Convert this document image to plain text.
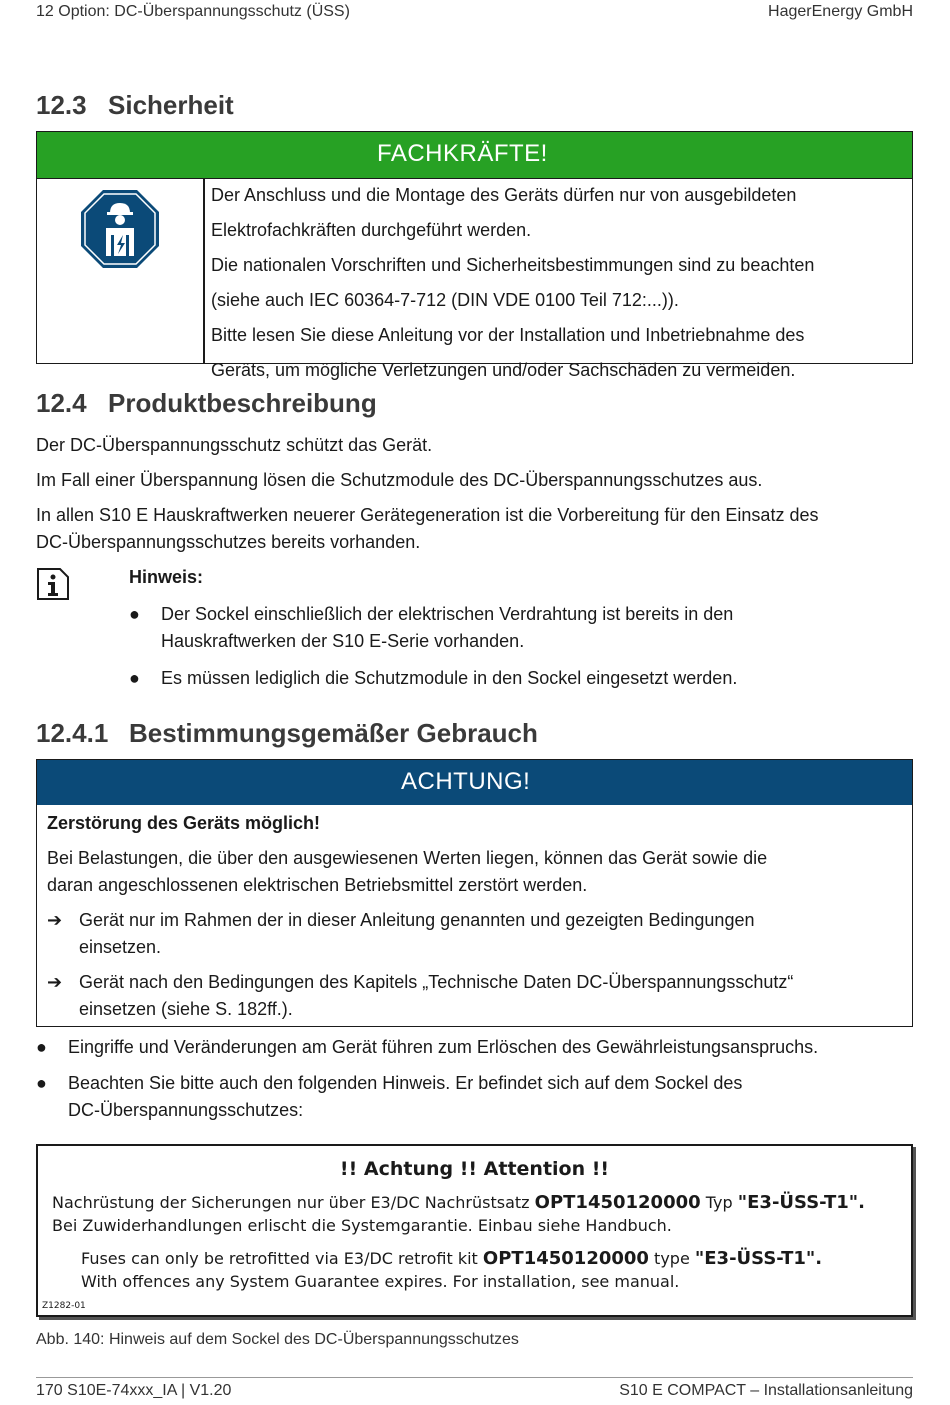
12 Option: DC-Überspannungsschutz (ÜSS)	HagerEnergy GmbH
12.3 Sicherheit
FACHKRÄFTE!
Der Anschluss und die Montage des Geräts dürfen nur von ausgebildeten
Elektrofachkräften durchgeführt werden.
Die nationalen Vorschriften und Sicherheitsbestimmungen sind zu beachten
(siehe auch IEC 60364-7-712 (DIN VDE 0100 Teil 712:...)).
Bitte lesen Sie diese Anleitung vor der Installation und Inbetriebnahme des
Geräts, um mögliche Verletzungen und/oder Sachschäden zu vermeiden.
12.4 Produktbeschreibung
Der DC-Überspannungsschutz schützt das Gerät.
Im Fall einer Überspannung lösen die Schutzmodule des DC-Überspannungsschutzes aus.
In allen S10 E Hauskraftwerken neuerer Gerätegeneration ist die Vorbereitung für den Einsatz des
DC-Überspannungsschutzes bereits vorhanden.
Hinweis:
● Der Sockel einschließlich der elektrischen Verdrahtung ist bereits in den
Hauskraftwerken der S10 E-Serie vorhanden.
● Es müssen lediglich die Schutzmodule in den Sockel eingesetzt werden.
12.4.1 Bestimmungsgemäßer Gebrauch
ACHTUNG!
Zerstörung des Geräts möglich!
Bei Belastungen, die über den ausgewiesenen Werten liegen, können das Gerät sowie die
daran angeschlossenen elektrischen Betriebsmittel zerstört werden.
➔ Gerät nur im Rahmen der in dieser Anleitung genannten und gezeigten Bedingungen
einsetzen.
➔ Gerät nach den Bedingungen des Kapitels „Technische Daten DC-Überspannungsschutz“
einsetzen (siehe S. 182ff.).
● Eingriffe und Veränderungen am Gerät führen zum Erlöschen des Gewährleistungsanspruchs.
● Beachten Sie bitte auch den folgenden Hinweis. Er befindet sich auf dem Sockel des
DC-Überspannungsschutzes:
!! Achtung !! Attention !!
Nachrüstung der Sicherungen nur über E3/DC Nachrüstsatz OPT1450120000 Typ "E3-ÜSS-T1".
Bei Zuwiderhandlungen erlischt die Systemgarantie. Einbau siehe Handbuch.
Fuses can only be retrofitted via E3/DC retrofit kit OPT1450120000 type "E3-ÜSS-T1".
With offences any System Guarantee expires. For installation, see manual.
Z1282-01
Abb. 140: Hinweis auf dem Sockel des DC-Überspannungsschutzes
170 S10E-74xxx_IA | V1.20	S10 E COMPACT – Installationsanleitung
